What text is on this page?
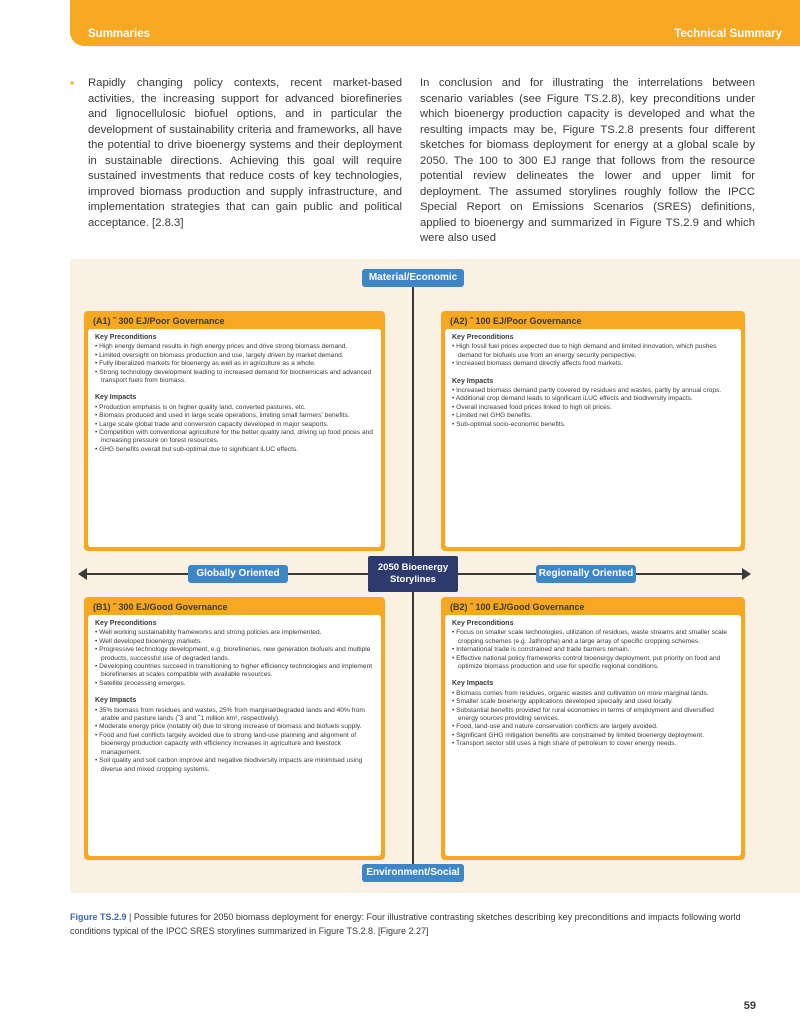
Summaries	Technical Summary
•	Rapidly changing policy contexts, recent market-based activities, the increasing support for advanced biorefineries and lignocellulosic biofuel options, and in particular the development of sustainability criteria and frameworks, all have the potential to drive bioenergy systems and their deployment in sustainable directions. Achieving this goal will require sustained investments that reduce costs of key technologies, improved biomass production and supply infrastructure, and implementation strategies that can gain public and political acceptance. [2.8.3]
In conclusion and for illustrating the interrelations between scenario variables (see Figure TS.2.8), key preconditions under which bioenergy production capacity is developed and what the resulting impacts may be, Figure TS.2.8 presents four different sketches for biomass deployment for energy at a global scale by 2050. The 100 to 300 EJ range that follows from the resource potential review delineates the lower and upper limit for deployment. The assumed storylines roughly follow the IPCC Special Report on Emissions Scenarios (SRES) definitions, applied to bioenergy and summarized in Figure TS.2.9 and which were also used
(A1) ˜ 300 EJ/Poor Governance
Key Preconditions
• High energy demand results in high energy prices and drive strong biomass demand.
• Limited oversight on biomass production and use, largely driven by market demand.
• Fully liberalized markets for bioenergy as well as in agriculture as a whole.
• Strong technology development leading to increased demand for biochemicals and advanced transport fuels from biomass.
Key Impacts
• Production emphasis is on higher quality land, converted pastures, etc.
• Biomass produced and used in large scale operations, limiting small farmers’ benefits.
• Large scale global trade and conversion capacity developed in major seaports.
• Competition with conventional agriculture for the better quality land, driving up food prices and increasing pressure on forest resources.
• GHG benefits overall but sub-optimal due to significant iLUC effects.
(A2) ˜ 100 EJ/Poor Governance
Key Preconditions
• High fossil fuel prices expected due to high demand and limited innovation, which pushes demand for biofuels use from an energy security perspective.
• Increased biomass demand directly affects food markets.
Key Impacts
• Increased biomass demand partly covered by residues and wastes, partly by annual crops.
• Additional crop demand leads to significant iLUC effects and biodiversity impacts.
• Overall increased food prices linked to high oil prices.
• Limited net GHG benefits.
• Sub-optimal socio-economic benefits.
(B1) ˜ 300 EJ/Good Governance
Key Preconditions
• Well working sustainability frameworks and strong policies are implemented.
• Well developed bioenergy markets.
• Progressive technology development, e.g. biorefineries, new generation biofuels and multiple products, successful use of degraded lands.
• Developing countries succeed in transitioning to higher efficiency technologies and implement biorefineries at scales compatible with available resources.
• Satellite processing emerges.
Key Impacts
• 35% biomass from residues and wastes, 25% from marginal/degraded lands and 40% from arable and pasture lands (˜3 and ˜1 million km², respectively).
• Moderate energy price (notably oil) due to strong increase of biomass and biofuels supply.
• Food and fuel conflicts largely avoided due to strong land-use planning and alignment of bioenergy production capacity with efficiency increases in agriculture and livestock management.
• Soil quality and soil carbon improve and negative biodiversity impacts are minimised using diverse and mixed cropping systems.
(B2) ˜ 100 EJ/Good Governance
Key Preconditions
• Focus on smaller scale technologies, utilization of residues, waste streams and smaller scale cropping schemes (e.g. Jathropha) and a large array of specific cropping schemes.
• International trade is constrained and trade barriers remain.
• Effective national policy frameworks control bioenergy deployment, put priority on food and optimize biomass production and use for specific regional conditions.
Key Impacts
• Biomass comes from residues, organic wastes and cultivation on more marginal lands.
• Smaller scale bioenergy applications developed specially and used locally.
• Substantial benefits provided for rural economies in terms of employment and diversified energy sources providing services.
• Food, land-use and nature conservation conflicts are largely avoided.
• Significant GHG mitigation benefits are constrained by limited bioenergy deployment.
• Transport sector still uses a high share of petroleum to cover energy needs.
Material/Economic
Environment/Social
Globally Oriented	Regionally Oriented
2050 Bioenergy
Storylines
Figure TS.2.9 | Possible futures for 2050 biomass deployment for energy: Four illustrative contrasting sketches describing key preconditions and impacts following world conditions typical of the IPCC SRES storylines summarized in Figure TS.2.8. [Figure 2.27]
59
